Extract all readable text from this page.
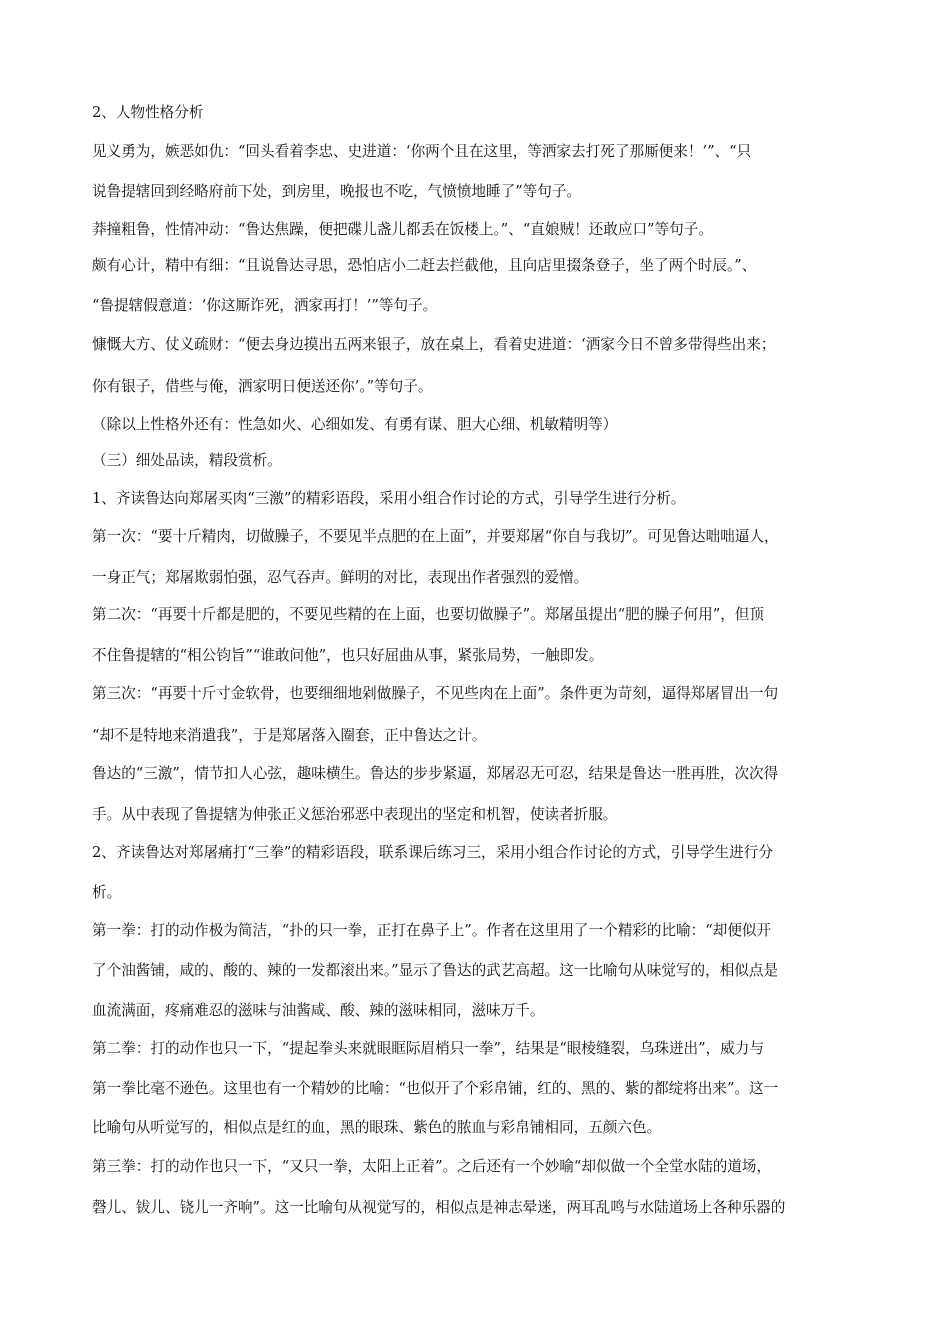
2、人物性格分析
见义勇为，嫉恶如仇：“回头看着李忠、史进道：‘你两个且在这里，等洒家去打死了那厮便来！’”、“只
说鲁提辖回到经略府前下处，到房里，晚报也不吃，气愤愤地睡了”等句子。
莽撞粗鲁，性情冲动：“鲁达焦躁，便把碟儿盏儿都丢在饭楼上。”、“直娘贼！还敢应口”等句子。
颇有心计，精中有细：“且说鲁达寻思，恐怕店小二赶去拦截他，且向店里掇条登子，坐了两个时辰。”、
“鲁提辖假意道：‘你这厮诈死，洒家再打！’”等句子。
慷慨大方、仗义疏财：“便去身边摸出五两来银子，放在桌上，看着史进道：‘洒家今日不曾多带得些出来；
你有银子，借些与俺，洒家明日便送还你’。”等句子。
（除以上性格外还有：性急如火、心细如发、有勇有谋、胆大心细、机敏精明等）
（三）细处品读，精段赏析。
1、齐读鲁达向郑屠买肉“三激”的精彩语段，采用小组合作讨论的方式，引导学生进行分析。
第一次：“要十斤精肉，切做臊子，不要见半点肥的在上面”，并要郑屠“你自与我切”。可见鲁达咄咄逼人，
一身正气；郑屠欺弱怕强，忍气吞声。鲜明的对比，表现出作者强烈的爱憎。
第二次：“再要十斤都是肥的，不要见些精的在上面，也要切做臊子”。郑屠虽提出“肥的臊子何用”，但顶
不住鲁提辖的“相公钧旨”“谁敢问他”，也只好屈曲从事，紧张局势，一触即发。
第三次：“再要十斤寸金软骨，也要细细地剁做臊子，不见些肉在上面”。条件更为苛刻，逼得郑屠冒出一句
“却不是特地来消遣我”，于是郑屠落入圈套，正中鲁达之计。
鲁达的“三激”，情节扣人心弦，趣味横生。鲁达的步步紧逼，郑屠忍无可忍，结果是鲁达一胜再胜，次次得
手。从中表现了鲁提辖为伸张正义惩治邪恶中表现出的坚定和机智，使读者折服。
2、齐读鲁达对郑屠痛打“三拳”的精彩语段，联系课后练习三，采用小组合作讨论的方式，引导学生进行分
析。
第一拳：打的动作极为简洁，“扑的只一拳，正打在鼻子上”。作者在这里用了一个精彩的比喻：“却便似开
了个油酱铺，咸的、酸的、辣的一发都滚出来。”显示了鲁达的武艺高超。这一比喻句从味觉写的，相似点是
血流满面，疼痛难忍的滋味与油酱咸、酸、辣的滋味相同，滋味万千。
第二拳：打的动作也只一下，“提起拳头来就眼眶际眉梢只一拳”，结果是“眼棱缝裂，乌珠迸出”，威力与
第一拳比毫不逊色。这里也有一个精妙的比喻：“也似开了个彩帛铺，红的、黑的、紫的都绽将出来”。这一
比喻句从听觉写的，相似点是红的血，黑的眼珠、紫色的脓血与彩帛铺相同，五颜六色。
第三拳：打的动作也只一下，“又只一拳，太阳上正着”。之后还有一个妙喻“却似做一个全堂水陆的道场，
磬儿、钹儿、铙儿一齐响”。这一比喻句从视觉写的，相似点是神志晕迷，两耳乱鸣与水陆道场上各种乐器的
